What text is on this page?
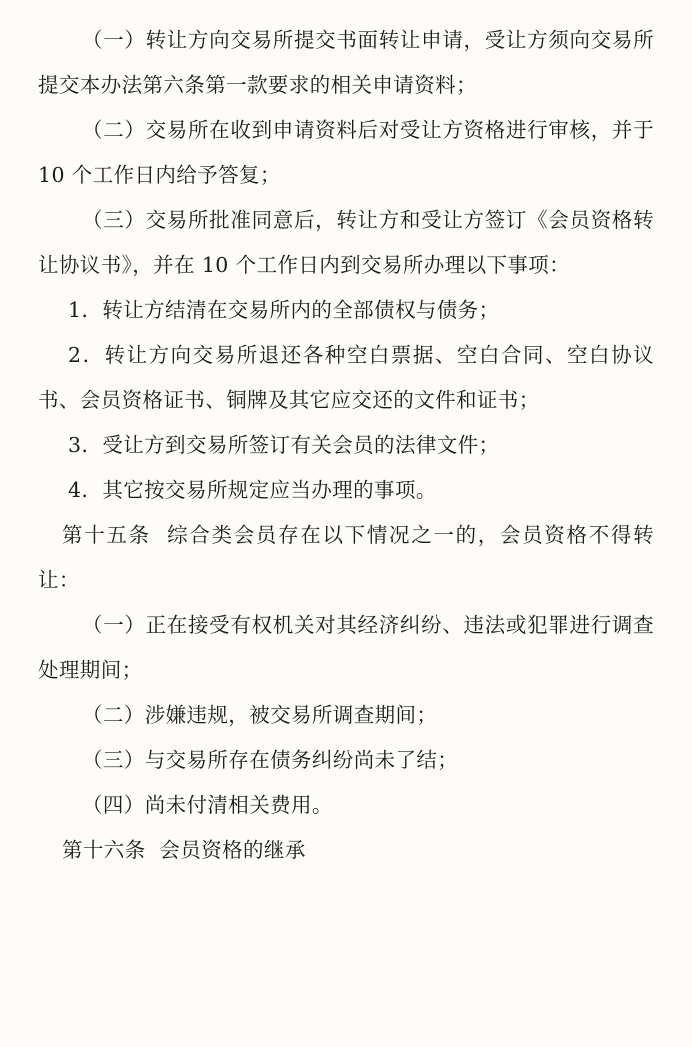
（一）转让方向交易所提交书面转让申请，受让方须向交易所提交本办法第六条第一款要求的相关申请资料；

（二）交易所在收到申请资料后对受让方资格进行审核，并于 10 个工作日内给予答复；

（三）交易所批准同意后，转让方和受让方签订《会员资格转让协议书》，并在 10 个工作日内到交易所办理以下事项：

1．转让方结清在交易所内的全部债权与债务；

2．转让方向交易所退还各种空白票据、空白合同、空白协议书、会员资格证书、铜牌及其它应交还的文件和证书；

3．受让方到交易所签订有关会员的法律文件；

4．其它按交易所规定应当办理的事项。

第十五条  综合类会员存在以下情况之一的，会员资格不得转让：

（一）正在接受有权机关对其经济纠纷、违法或犯罪进行调查处理期间；

（二）涉嫌违规，被交易所调查期间；

（三）与交易所存在债务纠纷尚未了结；

（四）尚未付清相关费用。

第十六条  会员资格的继承
